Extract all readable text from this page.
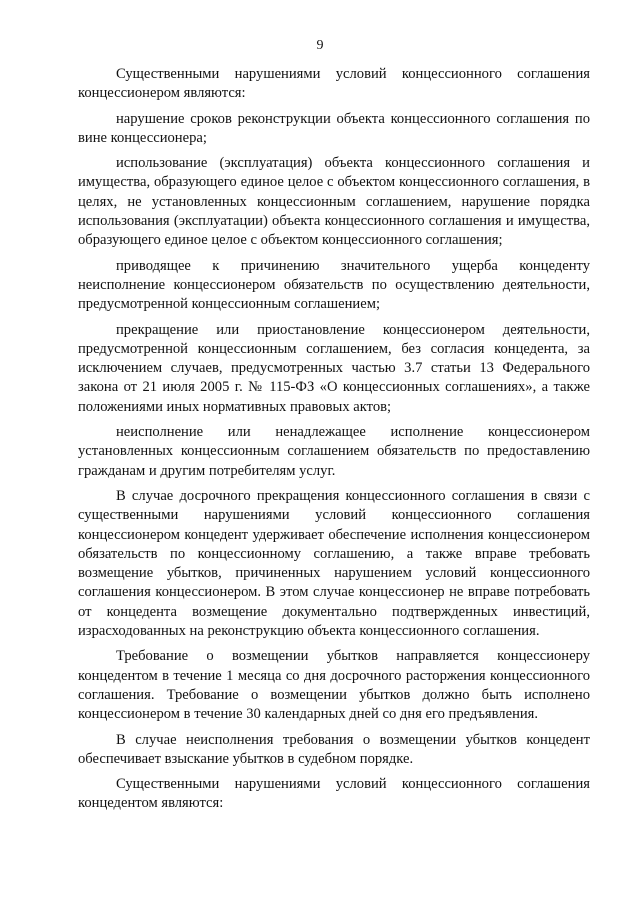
9

Существенными нарушениями условий концессионного соглашения концессионером являются:

нарушение сроков реконструкции объекта концессионного соглашения по вине концессионера;

использование (эксплуатация) объекта концессионного соглашения и имущества, образующего единое целое с объектом концессионного соглашения, в целях, не установленных концессионным соглашением, нарушение порядка использования (эксплуатации) объекта концессионного соглашения и имущества, образующего единое целое с объектом концессионного соглашения;

приводящее к причинению значительного ущерба концеденту неисполнение концессионером обязательств по осуществлению деятельности, предусмотренной концессионным соглашением;

прекращение или приостановление концессионером деятельности, предусмотренной концессионным соглашением, без согласия концедента, за исключением случаев, предусмотренных частью 3.7 статьи 13 Федерального закона от 21 июля 2005 г. № 115-ФЗ «О концессионных соглашениях», а также положениями иных нормативных правовых актов;

неисполнение или ненадлежащее исполнение концессионером установленных концессионным соглашением обязательств по предоставлению гражданам и другим потребителям услуг.

В случае досрочного прекращения концессионного соглашения в связи с существенными нарушениями условий концессионного соглашения концессионером концедент удерживает обеспечение исполнения концессионером обязательств по концессионному соглашению, а также вправе требовать возмещение убытков, причиненных нарушением условий концессионного соглашения концессионером. В этом случае концессионер не вправе потребовать от концедента возмещение документально подтвержденных инвестиций, израсходованных на реконструкцию объекта концессионного соглашения.

Требование о возмещении убытков направляется концессионеру концедентом в течение 1 месяца со дня досрочного расторжения концессионного соглашения. Требование о возмещении убытков должно быть исполнено концессионером в течение 30 календарных дней со дня его предъявления.

В случае неисполнения требования о возмещении убытков концедент обеспечивает взыскание убытков в судебном порядке.

Существенными нарушениями условий концессионного соглашения концедентом являются:
